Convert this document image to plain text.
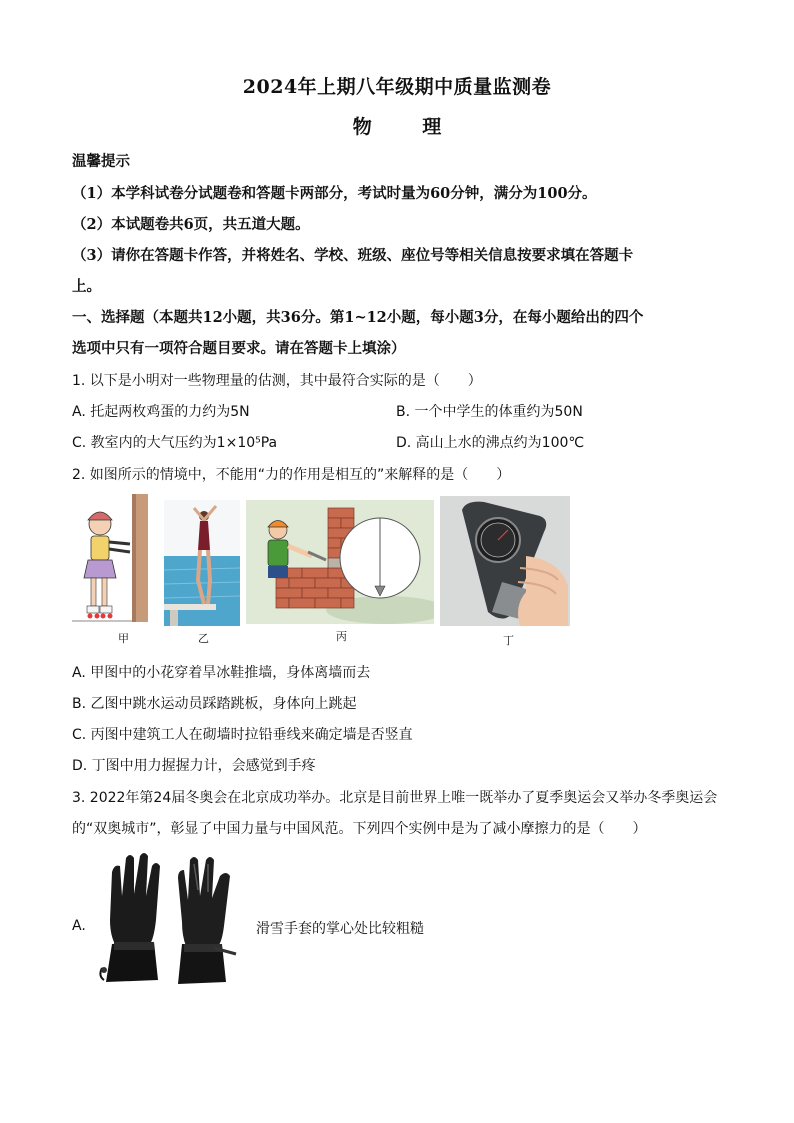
2024年上期八年级期中质量监测卷
物 理
温馨提示
（1）本学科试卷分试题卷和答题卡两部分，考试时量为60分钟，满分为100分。
（2）本试题卷共6页，共五道大题。
（3）请你在答题卡作答，并将姓名、学校、班级、座位号等相关信息按要求填在答题卡
上。
一、选择题（本题共12小题，共36分。第1~12小题，每小题3分，在每小题给出的四个
选项中只有一项符合题目要求。请在答题卡上填涂）
1. 以下是小明对一些物理量的估测，其中最符合实际的是（　　）
A. 托起两枚鸡蛋的力约为5N	B. 一个中学生的体重约为50N
C. 教室内的大气压约为1×10⁵Pa	D. 高山上水的沸点约为100℃
2. 如图所示的情境中，不能用“力的作用是相互的”来解释的是（　　）
甲	乙	丙	丁
A. 甲图中的小花穿着旱冰鞋推墙，身体离墙而去
B. 乙图中跳水运动员踩踏跳板，身体向上跳起
C. 丙图中建筑工人在砌墙时拉铅垂线来确定墙是否竖直
D. 丁图中用力握握力计，会感觉到手疼
3. 2022年第24届冬奥会在北京成功举办。北京是目前世界上唯一既举办了夏季奥运会又举办冬季奥运会
的“双奥城市”，彰显了中国力量与中国风范。下列四个实例中是为了减小摩擦力的是（　　）
A.	滑雪手套的掌心处比较粗糙
